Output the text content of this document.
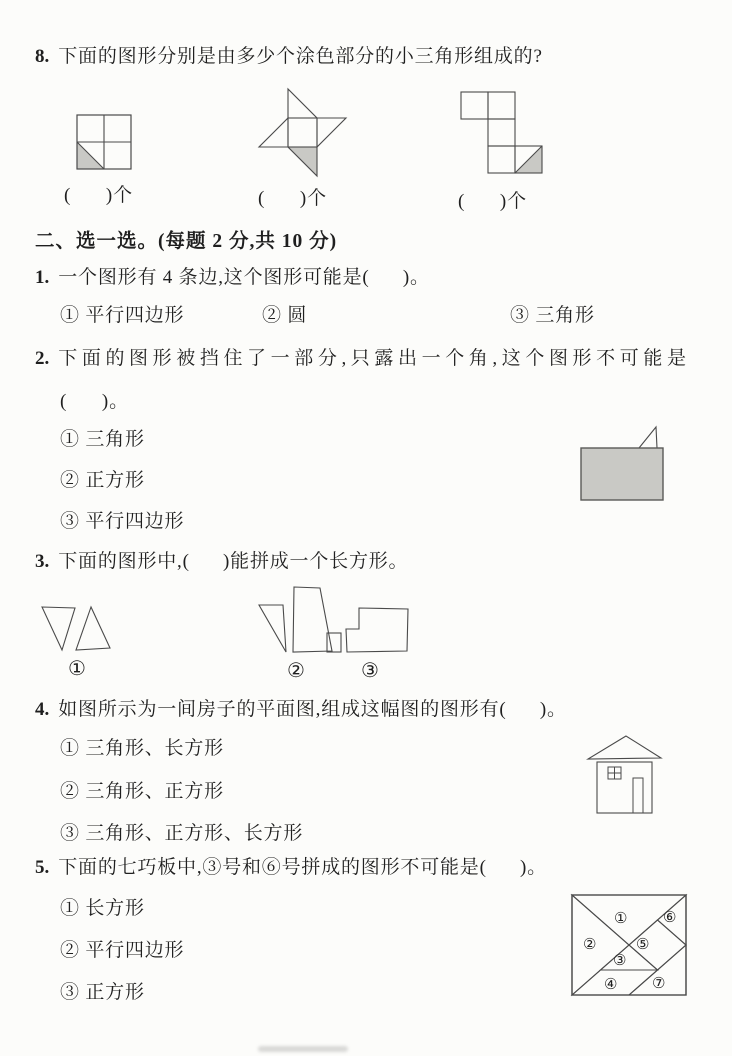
8. 下面的图形分别是由多少个涂色部分的小三角形组成的?
(      )个	(      )个	(      )个
二、选一选。(每题 2 分,共 10 分)
1. 一个图形有 4 条边,这个图形可能是(      )。
① 平行四边形	② 圆	③ 三角形
2. 下面的图形被挡住了一部分,只露出一个角,这个图形不可能是
(      )。
① 三角形
② 正方形
③ 平行四边形
3. 下面的图形中,(      )能拼成一个长方形。
①	②	③
4. 如图所示为一间房子的平面图,组成这幅图的图形有(      )。
① 三角形、长方形
② 三角形、正方形
③ 三角形、正方形、长方形
5. 下面的七巧板中,③号和⑥号拼成的图形不可能是(      )。
① 长方形
② 平行四边形
③ 正方形
①
②
③
④
⑤
⑥
⑦
